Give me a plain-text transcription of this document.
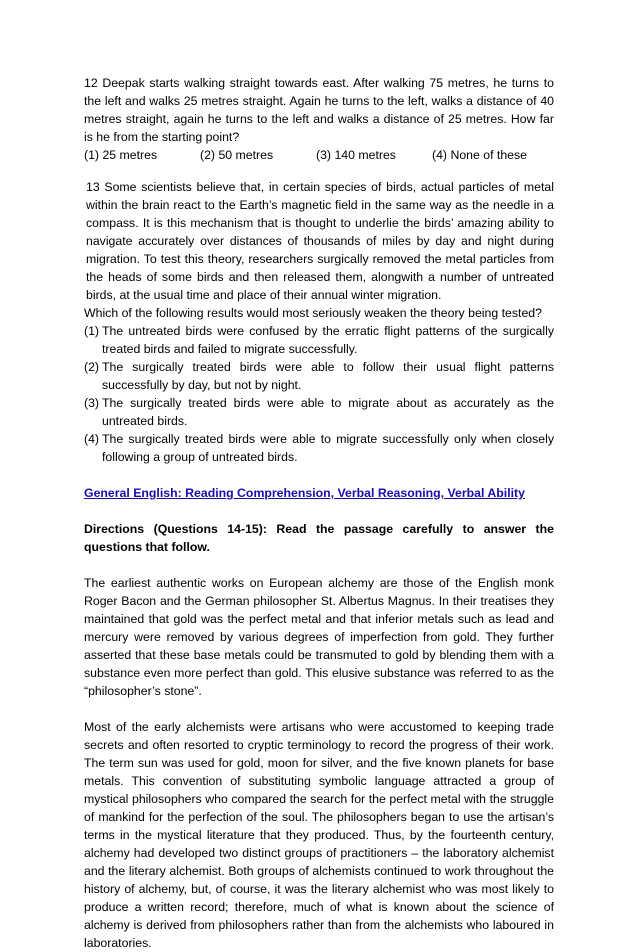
12 Deepak starts walking straight towards east. After walking 75 metres, he turns to the left and walks 25 metres straight. Again he turns to the left, walks a distance of 40 metres straight, again he turns to the left and walks a distance of 25 metres. How far is he from the starting point?

(1) 25 metres	(2) 50 metres	(3) 140 metres	(4) None of these

13 Some scientists believe that, in certain species of birds, actual particles of metal within the brain react to the Earth’s magnetic field in the same way as the needle in a compass. It is this mechanism that is thought to underlie the birds’ amazing ability to navigate accurately over distances of thousands of miles by day and night during migration. To test this theory, researchers surgically removed the metal particles from the heads of some birds and then released them, alongwith a number of untreated birds, at the usual time and place of their annual winter migration.

Which of the following results would most seriously weaken the theory being tested?

(1) The untreated birds were confused by the erratic flight patterns of the surgically treated birds and failed to migrate successfully.
(2) The surgically treated birds were able to follow their usual flight patterns successfully by day, but not by night.
(3) The surgically treated birds were able to migrate about as accurately as the untreated birds.
(4) The surgically treated birds were able to migrate successfully only when closely following a group of untreated birds.

General English: Reading Comprehension, Verbal Reasoning, Verbal Ability

Directions (Questions 14-15): Read the passage carefully to answer the questions that follow.

The earliest authentic works on European alchemy are those of the English monk Roger Bacon and the German philosopher St. Albertus Magnus. In their treatises they maintained that gold was the perfect metal and that inferior metals such as lead and mercury were removed by various degrees of imperfection from gold. They further asserted that these base metals could be transmuted to gold by blending them with a substance even more perfect than gold. This elusive substance was referred to as the “philosopher’s stone”.

Most of the early alchemists were artisans who were accustomed to keeping trade secrets and often resorted to cryptic terminology to record the progress of their work. The term sun was used for gold, moon for silver, and the five known planets for base metals. This convention of substituting symbolic language attracted a group of mystical philosophers who compared the search for the perfect metal with the struggle of mankind for the perfection of the soul. The philosophers began to use the artisan’s terms in the mystical literature that they produced. Thus, by the fourteenth century, alchemy had developed two distinct groups of practitioners – the laboratory alchemist and the literary alchemist. Both groups of alchemists continued to work throughout the history of alchemy, but, of course, it was the literary alchemist who was most likely to produce a written record; therefore, much of what is known about the science of alchemy is derived from philosophers rather than from the alchemists who laboured in laboratories.
